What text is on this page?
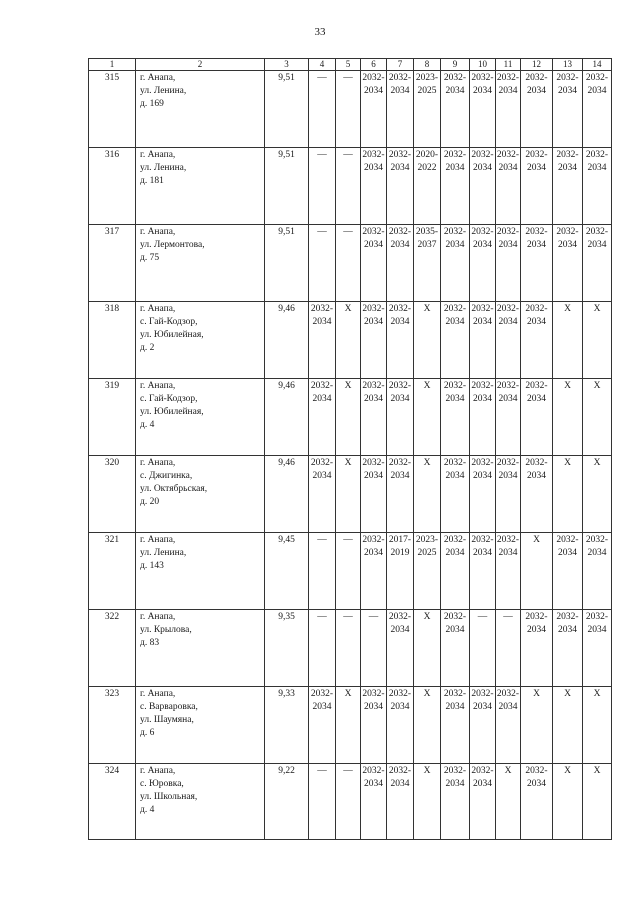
33
1	2	3	4	5	6	7	8	9	10	11	12	13	14
315	г. Анапа,
ул. Ленина,
д. 169	9,51	—	—	2032-
2034	2032-
2034	2023-
2025	2032-
2034	2032-
2034	2032-
2034	2032-
2034	2032-
2034	2032-
2034

316	г. Анапа,
ул. Ленина,
д. 181	9,51	—	—	2032-
2034	2032-
2034	2020-
2022	2032-
2034	2032-
2034	2032-
2034	2032-
2034	2032-
2034	2032-
2034

317	г. Анапа,
ул. Лермонтова,
д. 75	9,51	—	—	2032-
2034	2032-
2034	2035-
2037	2032-
2034	2032-
2034	2032-
2034	2032-
2034	2032-
2034	2032-
2034

318	г. Анапа,
с. Гай-Кодзор,
ул. Юбилейная,
д. 2	9,46	2032-
2034	X	2032-
2034	2032-
2034	X	2032-
2034	2032-
2034	2032-
2034	2032-
2034	X	X

319	г. Анапа,
с. Гай-Кодзор,
ул. Юбилейная,
д. 4	9,46	2032-
2034	X	2032-
2034	2032-
2034	X	2032-
2034	2032-
2034	2032-
2034	2032-
2034	X	X

320	г. Анапа,
с. Джигинка,
ул. Октябрьская,
д. 20	9,46	2032-
2034	X	2032-
2034	2032-
2034	X	2032-
2034	2032-
2034	2032-
2034	2032-
2034	X	X

321	г. Анапа,
ул. Ленина,
д. 143	9,45	—	—	2032-
2034	2017-
2019	2023-
2025	2032-
2034	2032-
2034	2032-
2034	X	2032-
2034	2032-
2034

322	г. Анапа,
ул. Крылова,
д. 83	9,35	—	—	—	2032-
2034	X	2032-
2034	—	—	2032-
2034	2032-
2034	2032-
2034

323	г. Анапа,
с. Варваровка,
ул. Шаумяна,
д. 6	9,33	2032-
2034	X	2032-
2034	2032-
2034	X	2032-
2034	2032-
2034	2032-
2034	X	X	X

324	г. Анапа,
с. Юровка,
ул. Школьная,
д. 4	9,22	—	—	2032-
2034	2032-
2034	X	2032-
2034	2032-
2034	X	2032-
2034	X	X
